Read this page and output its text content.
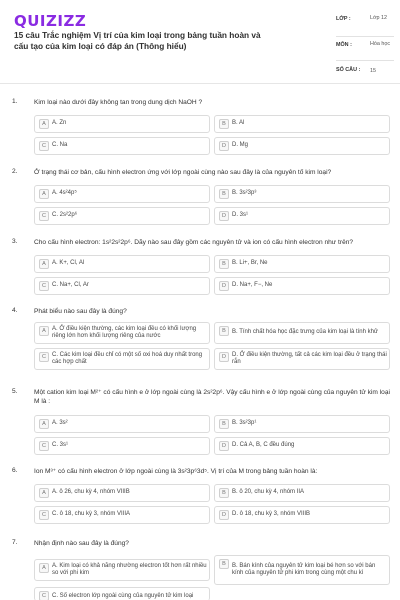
QUIZIZZ
15 câu Trắc nghiệm Vị trí của kim loại trong bảng tuần hoàn và cấu tạo của kim loại có đáp án (Thông hiểu)
LỚP :	Lớp 12
MÔN :	Hóa học
SỐ CÂU : 15
1.	Kim loại nào dưới đây không tan trong dung dịch NaOH ?
A	A. Zn	B	B. Al
C	C. Na	D	D. Mg
2.	Ở trạng thái cơ bản, cấu hình electron ứng với lớp ngoài cùng nào sau đây là của nguyên tố kim loại?
A	A. 4s²4p⁵	B	B. 3s²3p³
C	C. 2s²2p⁶	D	D. 3s¹
3.	Cho cấu hình electron: 1s²2s²2p⁶. Dãy nào sau đây gồm các nguyên tử và ion có cấu hình electron như trên?
A	A. K+, Cl, Al	B	B. Li+, Br, Ne
C	C. Na+, Cl, Ar	D	D. Na+, F−, Ne
4.	Phát biểu nào sau đây là đúng?
A	A. Ở điều kiện thường, các kim loại đều có khối lượng riêng lớn hơn khối lượng riêng của nước
B	B. Tính chất hóa học đặc trưng của kim loại là tính khử
C	C. Các kim loại đều chỉ có một số oxi hoá duy nhất trong các hợp chất
D	D. Ở điều kiện thường, tất cả các kim loại đều ở trạng thái rắn
5.	Một cation kim loại M²⁺ có cấu hình e ở lớp ngoài cùng là 2s²2p⁶. Vậy cấu hình e ở lớp ngoài cùng của nguyên tử kim loại M là :
A	A. 3s²	B	B. 3s²3p¹
C	C. 3s¹	D	D. Cả A, B, C đều đúng
6.	Ion M³⁺ có cấu hình electron ở lớp ngoài cùng là 3s²3p⁶3d⁵. Vị trí của M trong bảng tuần hoàn là:
A	A. ô 26, chu kỳ 4, nhóm VIIIB	B	B. ô 20, chu kỳ 4, nhóm IIA
C	C. ô 18, chu kỳ 3, nhóm VIIIA	D	D. ô 18, chu kỳ 3, nhóm VIIIB
7.	Nhận định nào sau đây là đúng?
A	A. Kim loại có khả năng nhường electron tốt hơn rất nhiều so với phi kim
B	B. Bán kính của nguyên tử kim loại bé hơn so với bán kính của nguyên tử phi kim trong cùng một chu kì
C	C. Số electron lớp ngoài cùng của nguyên tử kim loại
